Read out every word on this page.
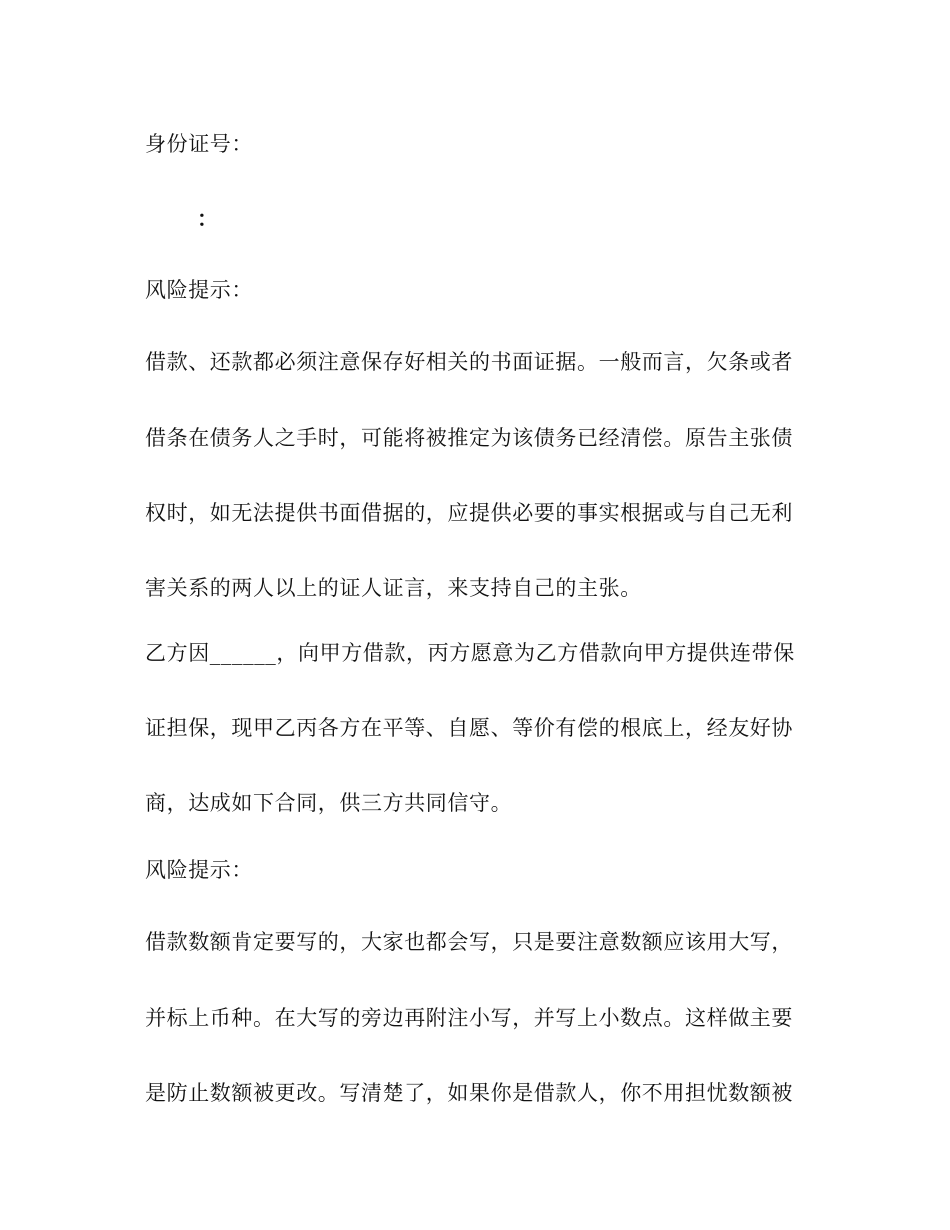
身份证号：
：
风险提示：
借款、还款都必须注意保存好相关的书面证据。一般而言，欠条或者
借条在债务人之手时，可能将被推定为该债务已经清偿。原告主张债
权时，如无法提供书面借据的，应提供必要的事实根据或与自己无利
害关系的两人以上的证人证言，来支持自己的主张。
乙方因______，向甲方借款，丙方愿意为乙方借款向甲方提供连带保
证担保，现甲乙丙各方在平等、自愿、等价有偿的根底上，经友好协
商，达成如下合同，供三方共同信守。
风险提示：
借款数额肯定要写的，大家也都会写，只是要注意数额应该用大写，
并标上币种。在大写的旁边再附注小写，并写上小数点。这样做主要
是防止数额被更改。写清楚了，如果你是借款人，你不用担忧数额被
